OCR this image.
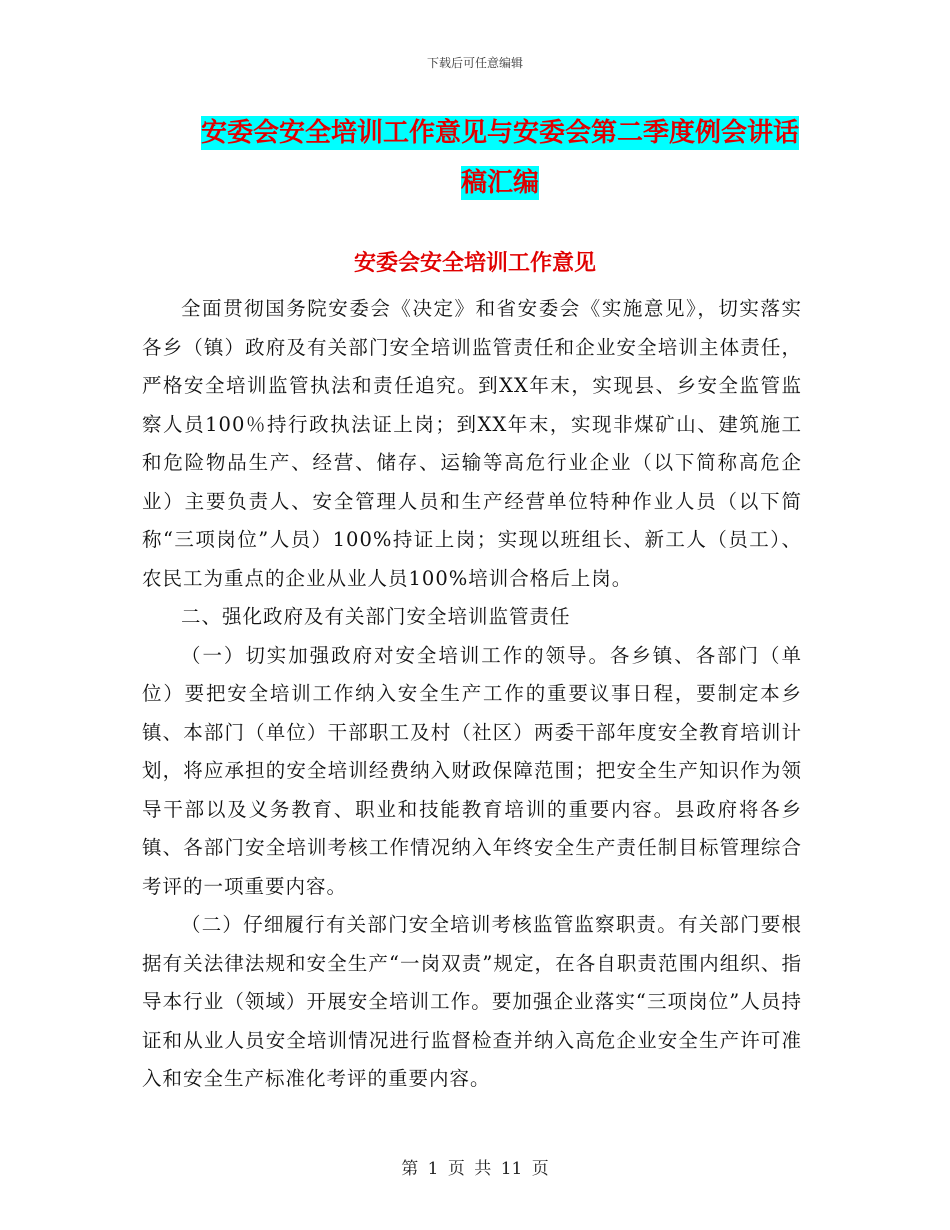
下载后可任意编辑
安委会安全培训工作意见与安委会第二季度例会讲话
稿汇编
安委会安全培训工作意见

全面贯彻国务院安委会《决定》和省安委会《实施意见》，切实落实各乡（镇）政府及有关部门安全培训监管责任和企业安全培训主体责任，严格安全培训监管执法和责任追究。到XX年末，实现县、乡安全监管监察人员100％持行政执法证上岗；到XX年末，实现非煤矿山、建筑施工和危险物品生产、经营、储存、运输等高危行业企业（以下简称高危企业）主要负责人、安全管理人员和生产经营单位特种作业人员（以下简称“三项岗位”人员）100%持证上岗；实现以班组长、新工人（员工）、农民工为重点的企业从业人员100%培训合格后上岗。

二、强化政府及有关部门安全培训监管责任

（一）切实加强政府对安全培训工作的领导。各乡镇、各部门（单位）要把安全培训工作纳入安全生产工作的重要议事日程，要制定本乡镇、本部门（单位）干部职工及村（社区）两委干部年度安全教育培训计划，将应承担的安全培训经费纳入财政保障范围；把安全生产知识作为领导干部以及义务教育、职业和技能教育培训的重要内容。县政府将各乡镇、各部门安全培训考核工作情况纳入年终安全生产责任制目标管理综合考评的一项重要内容。

（二）仔细履行有关部门安全培训考核监管监察职责。有关部门要根据有关法律法规和安全生产“一岗双责”规定，在各自职责范围内组织、指导本行业（领域）开展安全培训工作。要加强企业落实“三项岗位”人员持证和从业人员安全培训情况进行监督检查并纳入高危企业安全生产许可准入和安全生产标准化考评的重要内容。

第 1 页 共 11 页
